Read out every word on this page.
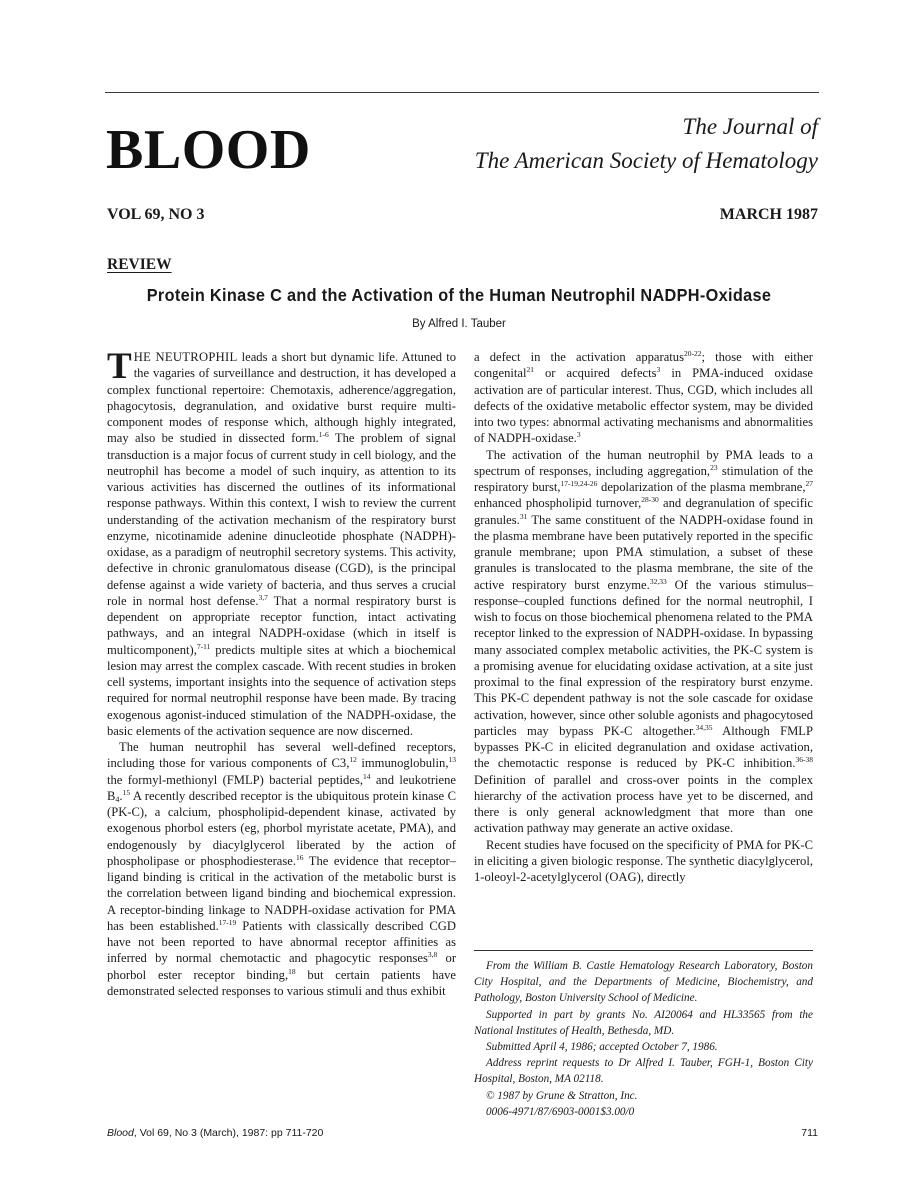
BLOOD	The Journal of

The American Society of Hematology

VOL 69, NO 3	MARCH 1987
REVIEW
Protein Kinase C and the Activation of the Human Neutrophil NADPH-Oxidase
By Alfred I. Tauber

THE NEUTROPHIL leads a short but dynamic life. Attuned to the vagaries of surveillance and destruction, it has developed a complex functional repertoire: Chemotaxis, adherence/aggregation, phagocytosis, degranulation, and oxidative burst require multi-component modes of response which, although highly integrated, may also be studied in dissected form.$^{1-6}$ The problem of signal transduction is a major focus of current study in cell biology, and the neutrophil has become a model of such inquiry, as attention to its various activities has discerned the outlines of its informational response pathways. Within this context, I wish to review the current understanding of the activation mechanism of the respiratory burst enzyme, nicotinamide adenine dinucleotide phosphate (NADPH)-oxidase, as a paradigm of neutrophil secretory systems. This activity, defective in chronic granulomatous disease (CGD), is the principal defense against a wide variety of bacteria, and thus serves a crucial role in normal host defense.$^{3,7}$ That a normal respiratory burst is dependent on appropriate receptor function, intact activating pathways, and an integral NADPH-oxidase (which in itself is multicomponent),$^{7-11}$ predicts multiple sites at which a biochemical lesion may arrest the complex cascade. With recent studies in broken cell systems, important insights into the sequence of activation steps required for normal neutrophil response have been made. By tracing exogenous agonist-induced stimulation of the NADPH-oxidase, the basic elements of the activation sequence are now discerned.

The human neutrophil has several well-defined receptors, including those for various components of C3,12 immunoglobulin,$^{13}$ the formyl-methionyl (FMLP) bacterial peptides,$^{14}$ and leukotriene $B_4.^{15}$ A recently described receptor is the ubiquitous protein kinase C (PK-C), a calcium, phospholipid-dependent kinase, activated by exogenous phorbol esters (eg, phorbol myristate acetate, PMA), and endogenously by diacylglycerol liberated by the action of phospholipase or phosphodiesterase.$^{16}$ The evidence that receptor–ligand binding is critical in the activation of the metabolic burst is the correlation between ligand binding and biochemical expression. A receptor-binding linkage to NADPH-oxidase activation for PMA has been established.$^{17-19}$ Patients with classically described CGD have not been reported to have abnormal receptor affinities as inferred by normal chemotactic and phagocytic responses$^{3,8}$ or phorbol ester receptor binding,$^{18}$ but certain patients have demonstrated selected responses to various stimuli and thus exhibit

a defect in the activation apparatus$^{20-22}$; those with either congenital$^{21}$ or acquired defects$^3$ in PMA-induced oxidase activation are of particular interest. Thus, CGD, which includes all defects of the oxidative metabolic effector system, may be divided into two types: abnormal activating mechanisms and abnormalities of NADPH-oxidase.$^3$

The activation of the human neutrophil by PMA leads to a spectrum of responses, including aggregation,$^{23}$ stimulation of the respiratory burst,$^{17-19,24-26}$ depolarization of the plasma membrane,$^{27}$ enhanced phospholipid turnover,$^{28-30}$ and degranulation of specific granules.$^{31}$ The same constituent of the NADPH-oxidase found in the plasma membrane have been putatively reported in the specific granule membrane; upon PMA stimulation, a subset of these granules is translocated to the plasma membrane, the site of the active respiratory burst enzyme.$^{32,33}$ Of the various stimulus–response–coupled functions defined for the normal neutrophil, I wish to focus on those biochemical phenomena related to the PMA receptor linked to the expression of NADPH-oxidase. In bypassing many associated complex metabolic activities, the PK-C system is a promising avenue for elucidating oxidase activation, at a site just proximal to the final expression of the respiratory burst enzyme. This PK-C dependent pathway is not the sole cascade for oxidase activation, however, since other soluble agonists and phagocytosed particles may bypass PK-C altogether.$^{34,35}$ Although FMLP bypasses PK-C in elicited degranulation and oxidase activation, the chemotactic response is reduced by PK-C inhibition.$^{36-38}$ Definition of parallel and cross-over points in the complex hierarchy of the activation process have yet to be discerned, and there is only general acknowledgment that more than one activation pathway may generate an active oxidase.

Recent studies have focused on the specificity of PMA for PK-C in eliciting a given biologic response. The synthetic diacylglycerol, 1-oleoyl-2-acetylglycerol (OAG), directly

From the William B. Castle Hematology Research Laboratory, Boston City Hospital, and the Departments of Medicine, Biochemistry, and Pathology, Boston University School of Medicine.

Supported in part by grants No. AI20064 and HL33565 from the National Institutes of Health, Bethesda, MD.

Submitted April 4, 1986; accepted October 7, 1986.

Address reprint requests to Dr Alfred I. Tauber, FGH-1, Boston City Hospital, Boston, MA 02118.

© 1987 by Grune & Stratton, Inc.

0006-4971/87/6903-0001$3.00/0

Blood, Vol 69, No 3 (March), 1987: pp 711-720	711
